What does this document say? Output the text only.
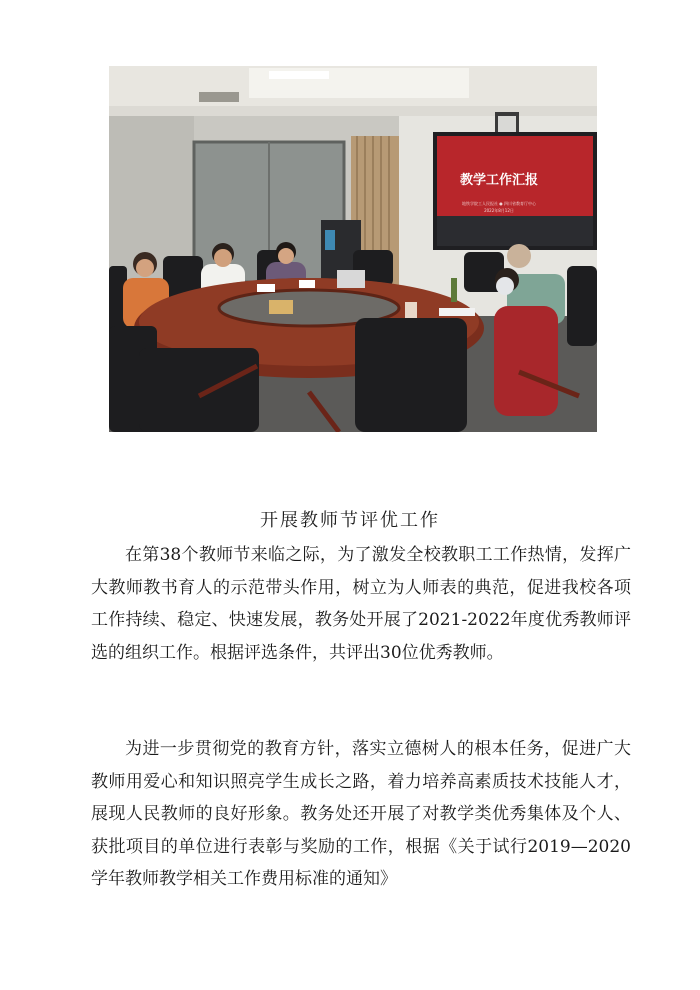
教学工作汇报
地铁学院工人民报社 ● 四川省教育厅中心
2022年8月12日
开展教师节评优工作

在第38个教师节来临之际，为了激发全校教职工工作热情，发挥广大教师教书育人的示范带头作用，树立为人师表的典范，促进我校各项工作持续、稳定、快速发展，教务处开展了2021-2022年度优秀教师评选的组织工作。根据评选条件，共评出30位优秀教师。

为进一步贯彻党的教育方针，落实立德树人的根本任务，促进广大教师用爱心和知识照亮学生成长之路，着力培养高素质技术技能人才，展现人民教师的良好形象。教务处还开展了对教学类优秀集体及个人、获批项目的单位进行表彰与奖励的工作，根据《关于试行2019—2020学年教师教学相关工作费用标准的通知》
